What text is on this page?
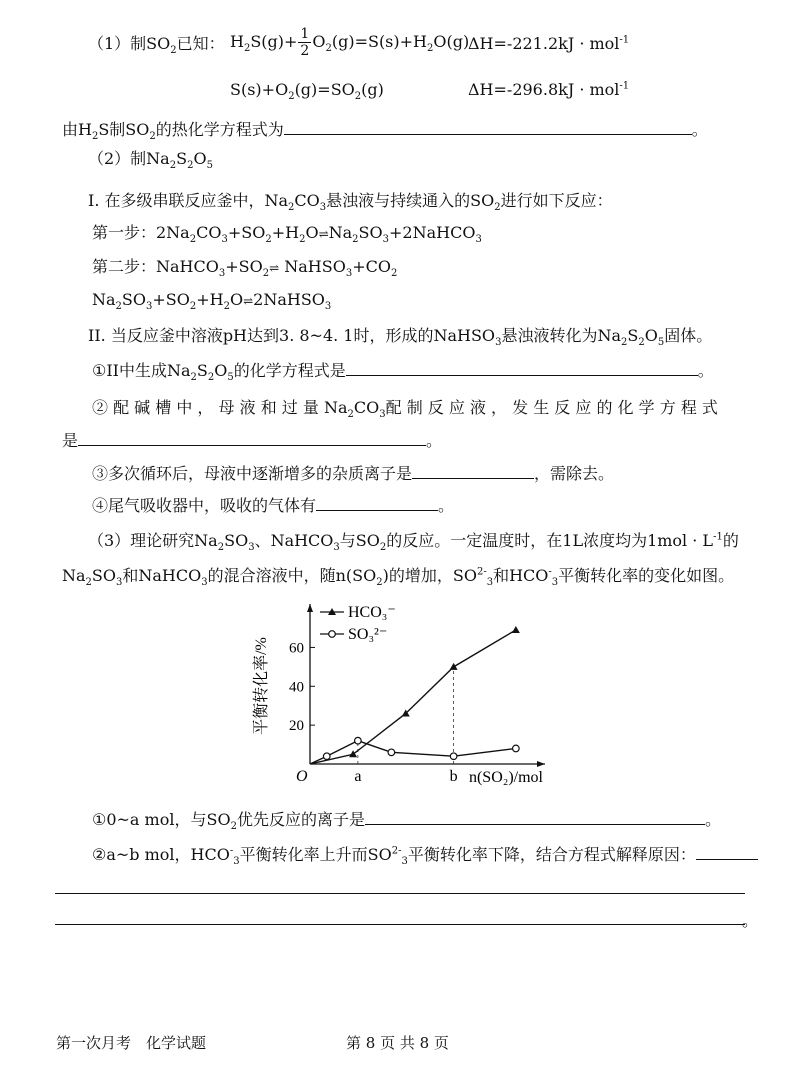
（1）制$SO_2$已知： $H_2S(g)+ \frac{1}{2} O_2(g)=S(s)+H_2O(g)$
ΔH=-221.2kJ · mol$^{-1}$
$S(s)+O_2(g)=SO_2(g)$	ΔH=-296.8kJ · mol$^{-1}$
由$H_2S$制$SO_2$的热化学方程式为	。
（2）制$Na_2S_2O_5$
I. 在多级串联反应釜中，$Na_2CO_3$悬浊液与持续通入的$SO_2$进行如下反应：
第一步：$2Na_2CO_3+SO_2+H_2O\rightleftharpoons Na_2SO_3+2NaHCO_3$
第二步：$NaHCO_3+SO_2\rightleftharpoons$ $NaHSO_3+CO_2$
$Na_2SO_3+SO_2+H_2O\rightleftharpoons 2NaHSO_3$
II. 当反应釜中溶液pH达到3. 8~4. 1时，形成的NaHSO$_3$悬浊液转化为$Na_2S_2O_5$固体。
①II中生成$Na_2S_2O_5$的化学方程式是	。
② 配 碱 槽 中 ， 母 液 和 过 量 $Na_2CO_3$配 制 反 应 液 ， 发 生 反 应 的 化 学 方 程 式
是	。
③多次循环后，母液中逐渐增多的杂质离子是	，需除去。
④尾气吸收器中，吸收的气体有	。
（3）理论研究$Na_2SO_3$、NaHCO$_3$与$SO_2$的反应。一定温度时，在1L浓度均为$1mol \cdot L^{-1}$的
$Na_2SO_3$和NaHCO$_3$的混合溶液中，随$n(SO_2)$的增加，$SO^{2-}_3$和$HCO^-_3$平衡转化率的变化如图。
20
40
60
O
平衡转化率/%
n(SO₂)/mol
a	b
HCO₃⁻
SO₃²⁻
①0~a mol，与$SO_2$优先反应的离子是	。
②a~b mol，$HCO^-_3$平衡转化率上升而$SO^{2-}_3$平衡转化率下降，结合方程式解释原因：
。
第一次月考　化学试题	第 8 页 共 8 页
